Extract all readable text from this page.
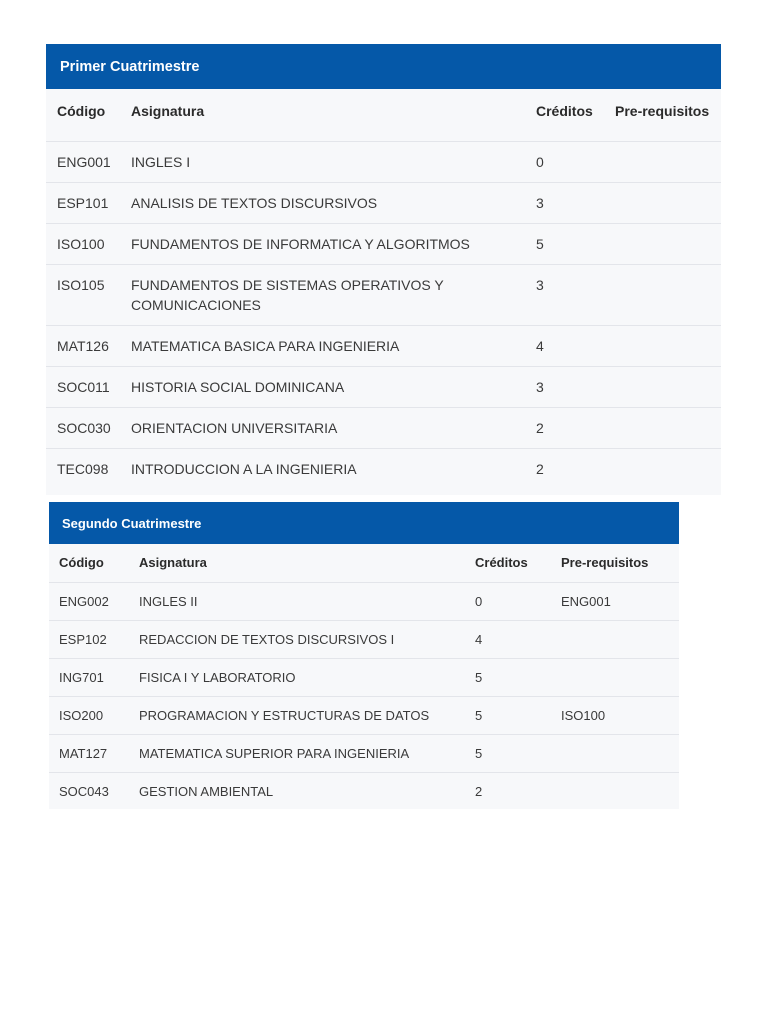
Primer Cuatrimestre
Código	Asignatura	Créditos	Pre-requisitos
ENG001	INGLES I	0	
ESP101	ANALISIS DE TEXTOS DISCURSIVOS	3	
ISO100	FUNDAMENTOS DE INFORMATICA Y ALGORITMOS	5	
ISO105	FUNDAMENTOS DE SISTEMAS OPERATIVOS Y COMUNICACIONES	3	
MAT126	MATEMATICA BASICA PARA INGENIERIA	4	
SOC011	HISTORIA SOCIAL DOMINICANA	3	
SOC030	ORIENTACION UNIVERSITARIA	2	
TEC098	INTRODUCCION A LA INGENIERIA	2	
Segundo Cuatrimestre
Código	Asignatura	Créditos	Pre-requisitos
ENG002	INGLES II	0	ENG001
ESP102	REDACCION DE TEXTOS DISCURSIVOS I	4	
ING701	FISICA I Y LABORATORIO	5	
ISO200	PROGRAMACION Y ESTRUCTURAS DE DATOS	5	ISO100
MAT127	MATEMATICA SUPERIOR PARA INGENIERIA	5	
SOC043	GESTION AMBIENTAL	2	
